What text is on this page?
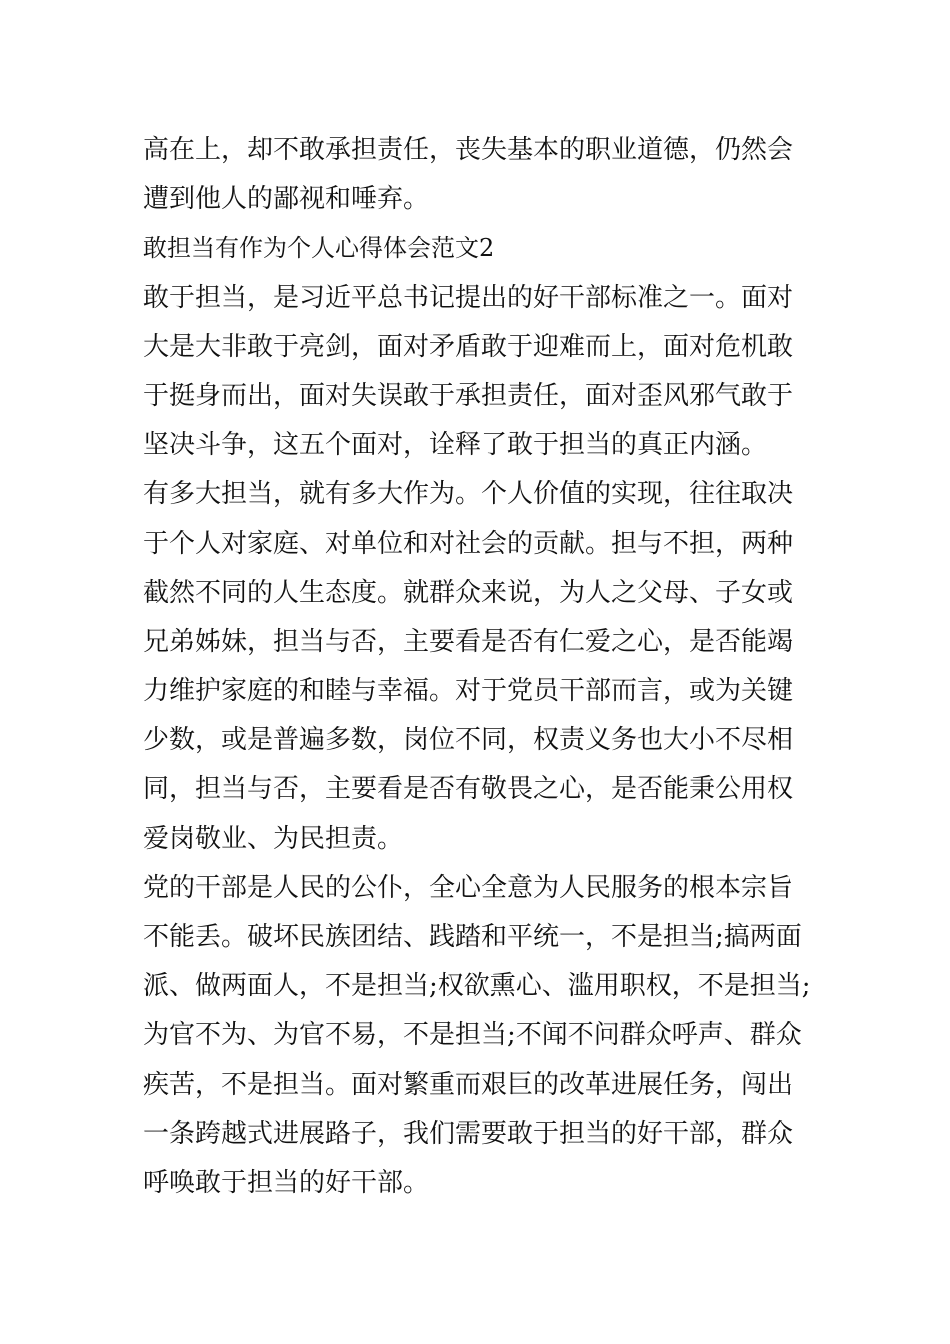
高在上，却不敢承担责任，丧失基本的职业道德，仍然会
遭到他人的鄙视和唾弃。
敢担当有作为个人心得体会范文2
敢于担当，是习近平总书记提出的好干部标准之一。面对
大是大非敢于亮剑，面对矛盾敢于迎难而上，面对危机敢
于挺身而出，面对失误敢于承担责任，面对歪风邪气敢于
坚决斗争，这五个面对，诠释了敢于担当的真正内涵。
有多大担当，就有多大作为。个人价值的实现，往往取决
于个人对家庭、对单位和对社会的贡献。担与不担，两种
截然不同的人生态度。就群众来说，为人之父母、子女或
兄弟姊妹，担当与否，主要看是否有仁爱之心，是否能竭
力维护家庭的和睦与幸福。对于党员干部而言，或为关键
少数，或是普遍多数，岗位不同，权责义务也大小不尽相
同，担当与否，主要看是否有敬畏之心，是否能秉公用权
爱岗敬业、为民担责。
党的干部是人民的公仆，全心全意为人民服务的根本宗旨
不能丢。破坏民族团结、践踏和平统一，不是担当;搞两面
派、做两面人，不是担当;权欲熏心、滥用职权，不是担当;
为官不为、为官不易，不是担当;不闻不问群众呼声、群众
疾苦，不是担当。面对繁重而艰巨的改革进展任务，闯出
一条跨越式进展路子，我们需要敢于担当的好干部，群众
呼唤敢于担当的好干部。
